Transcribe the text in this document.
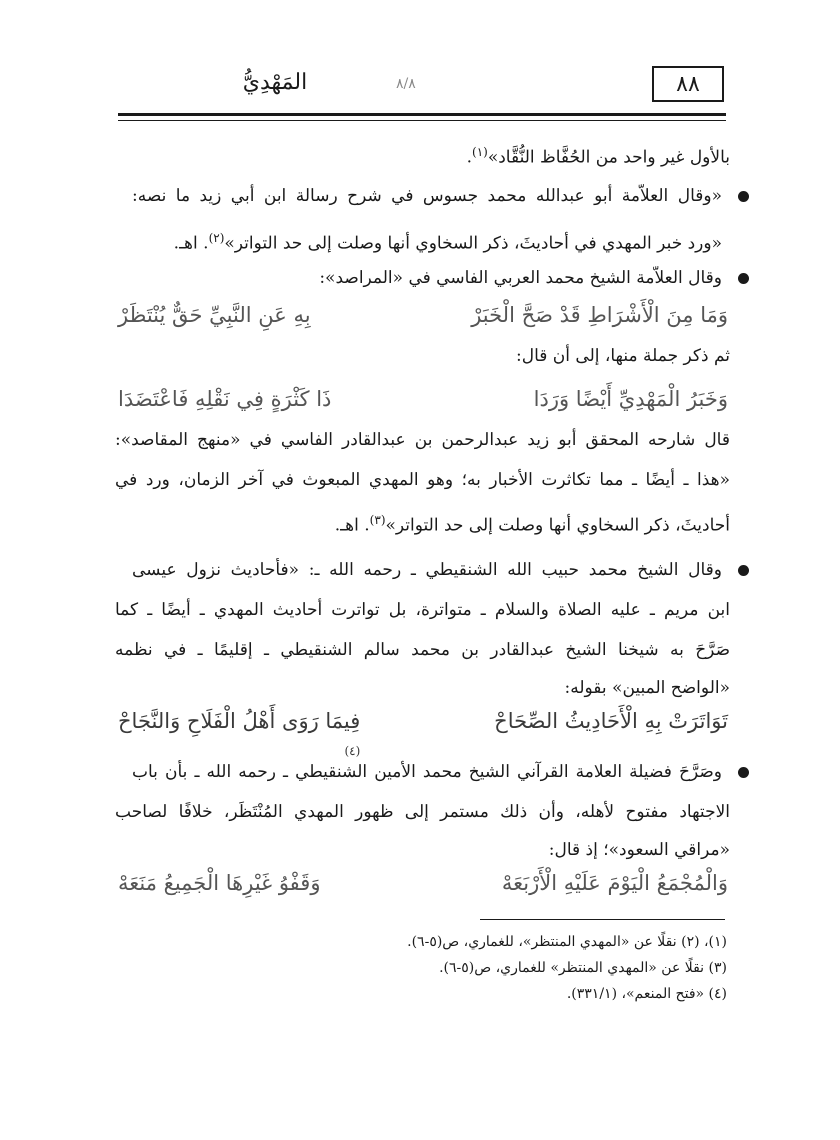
٨٨
المَهْدِيُّ	٨/٨
بالأول غير واحد من الحُفَّاظ النُّقَّاد»$^{(١)}$.
«وقال العلاَّمة أبو عبدالله محمد جسوس في شرح رسالة ابن أبي زيد ما نصه:
«ورد خبر المهدي في أحاديثَ، ذكر السخاوي أنها وصلت إلى حد التواتر»$^{(٢)}$. اهـ.
وقال العلاَّمة الشيخ محمد العربي الفاسي في «المراصد»:
وَمَا مِنَ الْأَشْرَاطِ قَدْ صَحَّ الْخَبَرْ
بِهِ عَنِ النَّبِيِّ حَقٌّ يُنْتَظَرْ
ثم ذكر جملة منها، إلى أن قال:
وَخَبَرُ الْمَهْدِيِّ أَيْضًا وَرَدَا
ذَا كَثْرَةٍ فِي نَقْلِهِ فَاعْتَضَدَا
قال شارحه المحقق أبو زيد عبدالرحمن بن عبدالقادر الفاسي في «منهج المقاصد»:
«هذا ـ أيضًا ـ مما تكاثرت الأخبار به؛ وهو المهدي المبعوث في آخر الزمان، ورد في
أحاديثَ، ذكر السخاوي أنها وصلت إلى حد التواتر»$^{(٣)}$. اهـ.
وقال الشيخ محمد حبيب الله الشنقيطي ـ رحمه الله ـ: «فأحاديث نزول عيسى
ابن مريم ـ عليه الصلاة والسلام ـ متواترة، بل تواترت أحاديث المهدي ـ أيضًا ـ كما
صَرَّحَ به شيخنا الشيخ عبدالقادر بن محمد سالم الشنقيطي ـ إقليمًا ـ في نظمه
«الواضح المبين» بقوله:
تَوَاتَرَتْ بِهِ الْأَحَادِيثُ الصِّحَاحْ
فِيمَا رَوَى أَهْلُ الْفَلَاحِ وَالنَّجَاحْ
(٤)
وصَرَّحَ فضيلة العلامة القرآني الشيخ محمد الأمين الشنقيطي ـ رحمه الله ـ بأن باب
الاجتهاد مفتوح لأهله، وأن ذلك مستمر إلى ظهور المهدي المُنْتَظَر، خلافًا لصاحب
«مراقي السعود»؛ إذ قال:
وَالْمُجْمَعُ الْيَوْمَ عَلَيْهِ الْأَرْبَعَهْ
وَقَفْوُ غَيْرِهَا الْجَمِيعُ مَنَعَهْ
(١)، (٢) نقلًا عن «المهدي المنتظر»، للغماري، ص(٥-٦).
(٣) نقلًا عن «المهدي المنتظر» للغماري، ص(٥-٦).
(٤) «فتح المنعم»، (٣٣١/١).
